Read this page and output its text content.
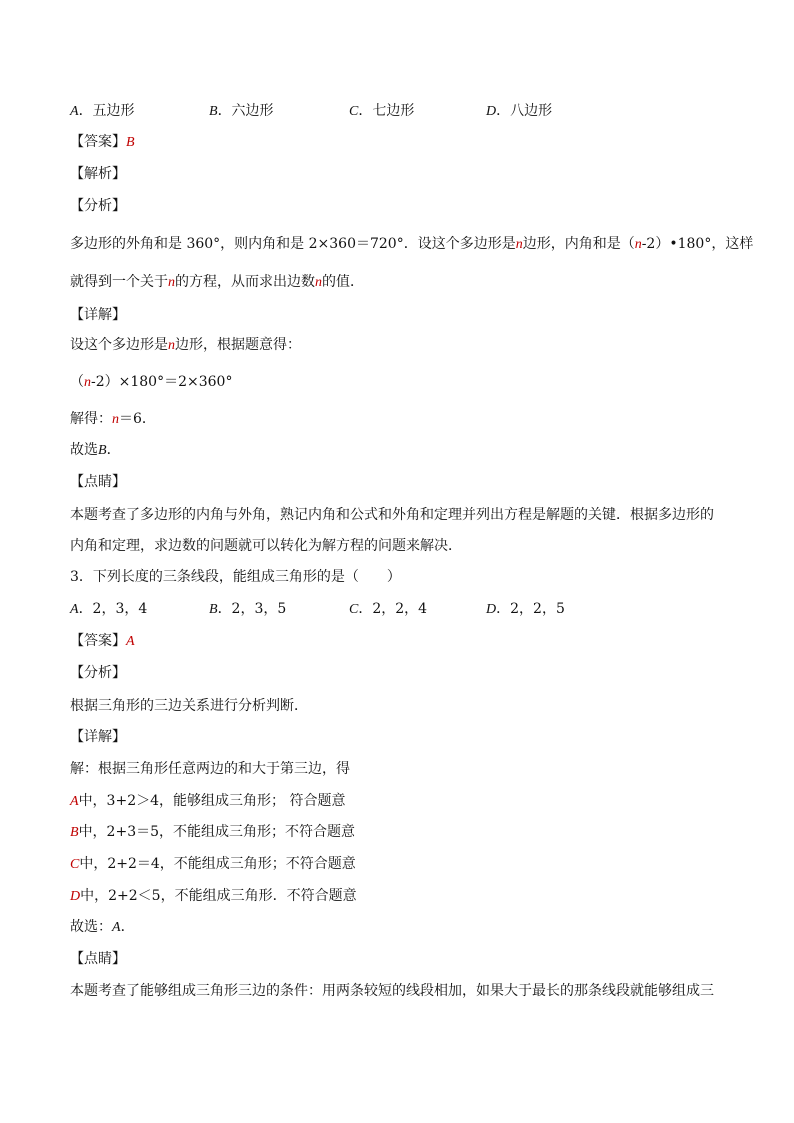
A．五边形	B．六边形	C．七边形	D．八边形
【答案】B
【解析】
【分析】
多边形的外角和是 360°，则内角和是 2×360＝720°．设这个多边形是n边形，内角和是（n-2）•180°，这样
就得到一个关于n的方程，从而求出边数n的值．
【详解】
设这个多边形是n边形，根据题意得：
（n-2）×180°＝2×360°
解得：n＝6．
故选B．
【点睛】
本题考查了多边形的内角与外角，熟记内角和公式和外角和定理并列出方程是解题的关键．根据多边形的
内角和定理，求边数的问题就可以转化为解方程的问题来解决．
3．下列长度的三条线段，能组成三角形的是（　　）
A．2，3，4	B．2，3，5	C．2，2，4	D．2，2，5
【答案】A
【分析】
根据三角形的三边关系进行分析判断．
【详解】
解：根据三角形任意两边的和大于第三边，得
A中，3+2＞4，能够组成三角形； 符合题意
B中，2+3＝5，不能组成三角形；不符合题意
C中，2+2＝4，不能组成三角形；不符合题意
D中，2+2＜5，不能组成三角形．不符合题意
故选：A．
【点睛】
本题考查了能够组成三角形三边的条件：用两条较短的线段相加，如果大于最长的那条线段就能够组成三
